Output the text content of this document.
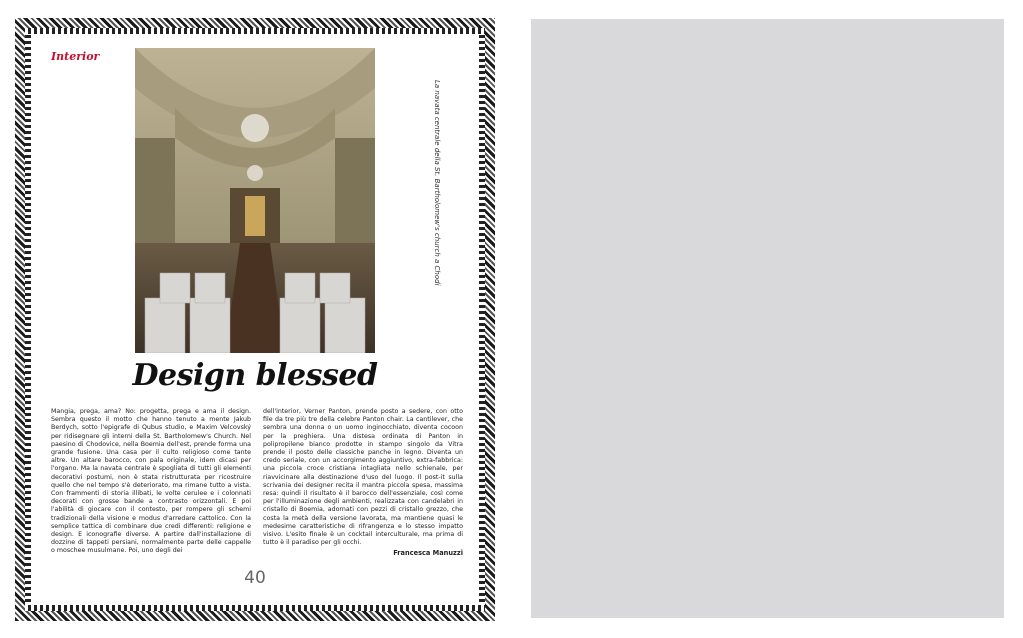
Interior
La navata centrale della St. Bartholomew's church a Chodi
Design blessed
Mangia, prega, ama? No: progetta, prega e ama il design. Sembra questo il motto che hanno tenuto a mente Jakub Berdych, sotto l'epigrafe di Qubus studio, e Maxim Velcovský per ridisegnare gli interni della St. Bartholomew's Church. Nel paesino di Chodovice, nella Boemia dell'est, prende forma una grande fusione. Una casa per il culto religioso come tante altre. Un altare barocco, con pala originale, idem dicasi per l'organo. Ma la navata centrale è spogliata di tutti gli elementi decorativi postumi, non è stata ristrutturata per ricostruire quello che nel tempo s'è deteriorato, ma rimane tutto a vista. Con frammenti di storia illibati, le volte cerulee e i colonnati decorati con grosse bande a contrasto orizzontali. E poi l'abilità di giocare con il contesto, per rompere gli schemi tradizionali della visione e modus d'arredare cattolico. Con la semplice tattica di combinare due credi differenti: religione e design. E iconografie diverse. A partire dall'installazione di dozzine di tappeti persiani, normalmente parte delle cappelle o moschee musulmane. Poi, uno degli dei
dell'interior, Verner Panton, prende posto a sedere, con otto file da tre più tre della celebre Panton chair. La cantilever, che sembra una donna o un uomo inginocchiato, diventa cocoon per la preghiera. Una distesa ordinata di Panton in polipropilene bianco prodotte in stampo singolo da Vitra prende il posto delle classiche panche in legno. Diventa un credo seriale, con un accorgimento aggiuntivo, extra-fabbrica: una piccola croce cristiana intagliata nello schienale, per riavvicinare alla destinazione d'uso del luogo. Il post-it sulla scrivania dei designer recita il mantra piccola spesa, massima resa: quindi il risultato è il barocco dell'essenziale, così come per l'illuminazione degli ambienti, realizzata con candelabri in cristallo di Boemia, adornati con pezzi di cristallo grezzo, che costa la metà della versione lavorata, ma mantiene quasi le medesime caratteristiche di rifrangenza e lo stesso impatto visivo. L'esito finale è un cocktail interculturale, ma prima di tutto è il paradiso per gli occhi.
Francesca Manuzzi
40
